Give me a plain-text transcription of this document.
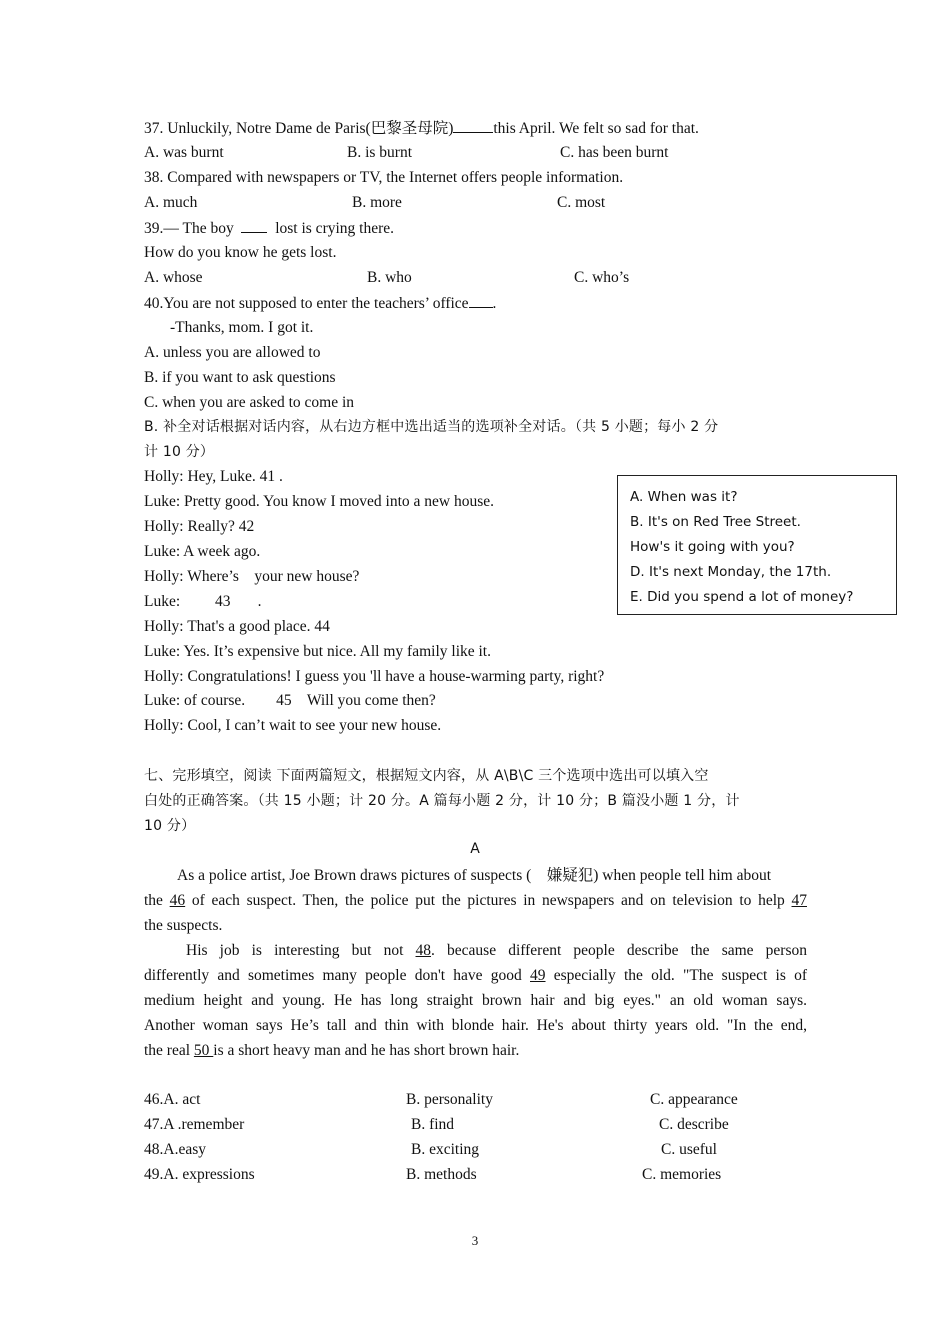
37. Unluckily, Notre Dame de Paris(巴黎圣母院)	this April. We felt so sad for that.
A. was burnt	B. is burnt	C. has been burnt
38. Compared with newspapers or TV, the Internet offers people information.
A. much	B. more	C. most
39.— The boy	lost is crying there.
How do you know he gets lost.
A. whose	B. who	C. who’s
40.You are not supposed to enter the teachers’ office .
-Thanks, mom. I got it.
A. unless you are allowed to
B. if you want to ask questions
C. when you are asked to come in
B. 补全对话根据对话内容，从右边方框中选出适当的选项补全对话。（共 5 小题；每小 2 分
计 10 分）
Holly: Hey, Luke. 41 .
Luke: Pretty good. You know I moved into a new house.
Holly: Really? 42
Luke: A week ago.
Holly: Where’s    your new house?
Luke:         43       .
Holly: That's a good place. 44
Luke: Yes. It’s expensive but nice. All my family like it.
Holly: Congratulations! I guess you 'll have a house-warming party, right?
Luke: of course.        45    Will you come then?
Holly: Cool, I can’t wait to see your new house.
A. When was it?
B. It's on Red Tree Street.
How's it going with you?
D. It's next Monday, the 17th.
E. Did you spend a lot of money?
七、完形填空，阅读 下面两篇短文，根据短文内容，从 A\B\C 三个选项中选出可以填入空
白处的正确答案。（共 15 小题；计 20 分。A 篇每小题 2 分，计 10 分；B 篇没小题 1 分，计
10 分）
A
As a police artist, Joe Brown draws pictures of suspects (    嫌疑犯) when people tell him about
the 46 of each suspect. Then, the police put the pictures in newspapers and on television to help 47
the suspects.
His job is interesting but not 48. because different people describe the same person
differently and sometimes many people don't have good 49 especially the old. "The suspect is of
medium height and young. He has long straight brown hair and big eyes." an old woman says.
Another woman says He’s tall and thin with blonde hair. He's about thirty years old. "In the end,
the real 50 is a short heavy man and he has short brown hair.
46.A. act	B. personality	C. appearance
47.A .remember	B. find	C. describe
48.A.easy	B. exciting	C. useful
49.A. expressions	B. methods	C. memories
3
